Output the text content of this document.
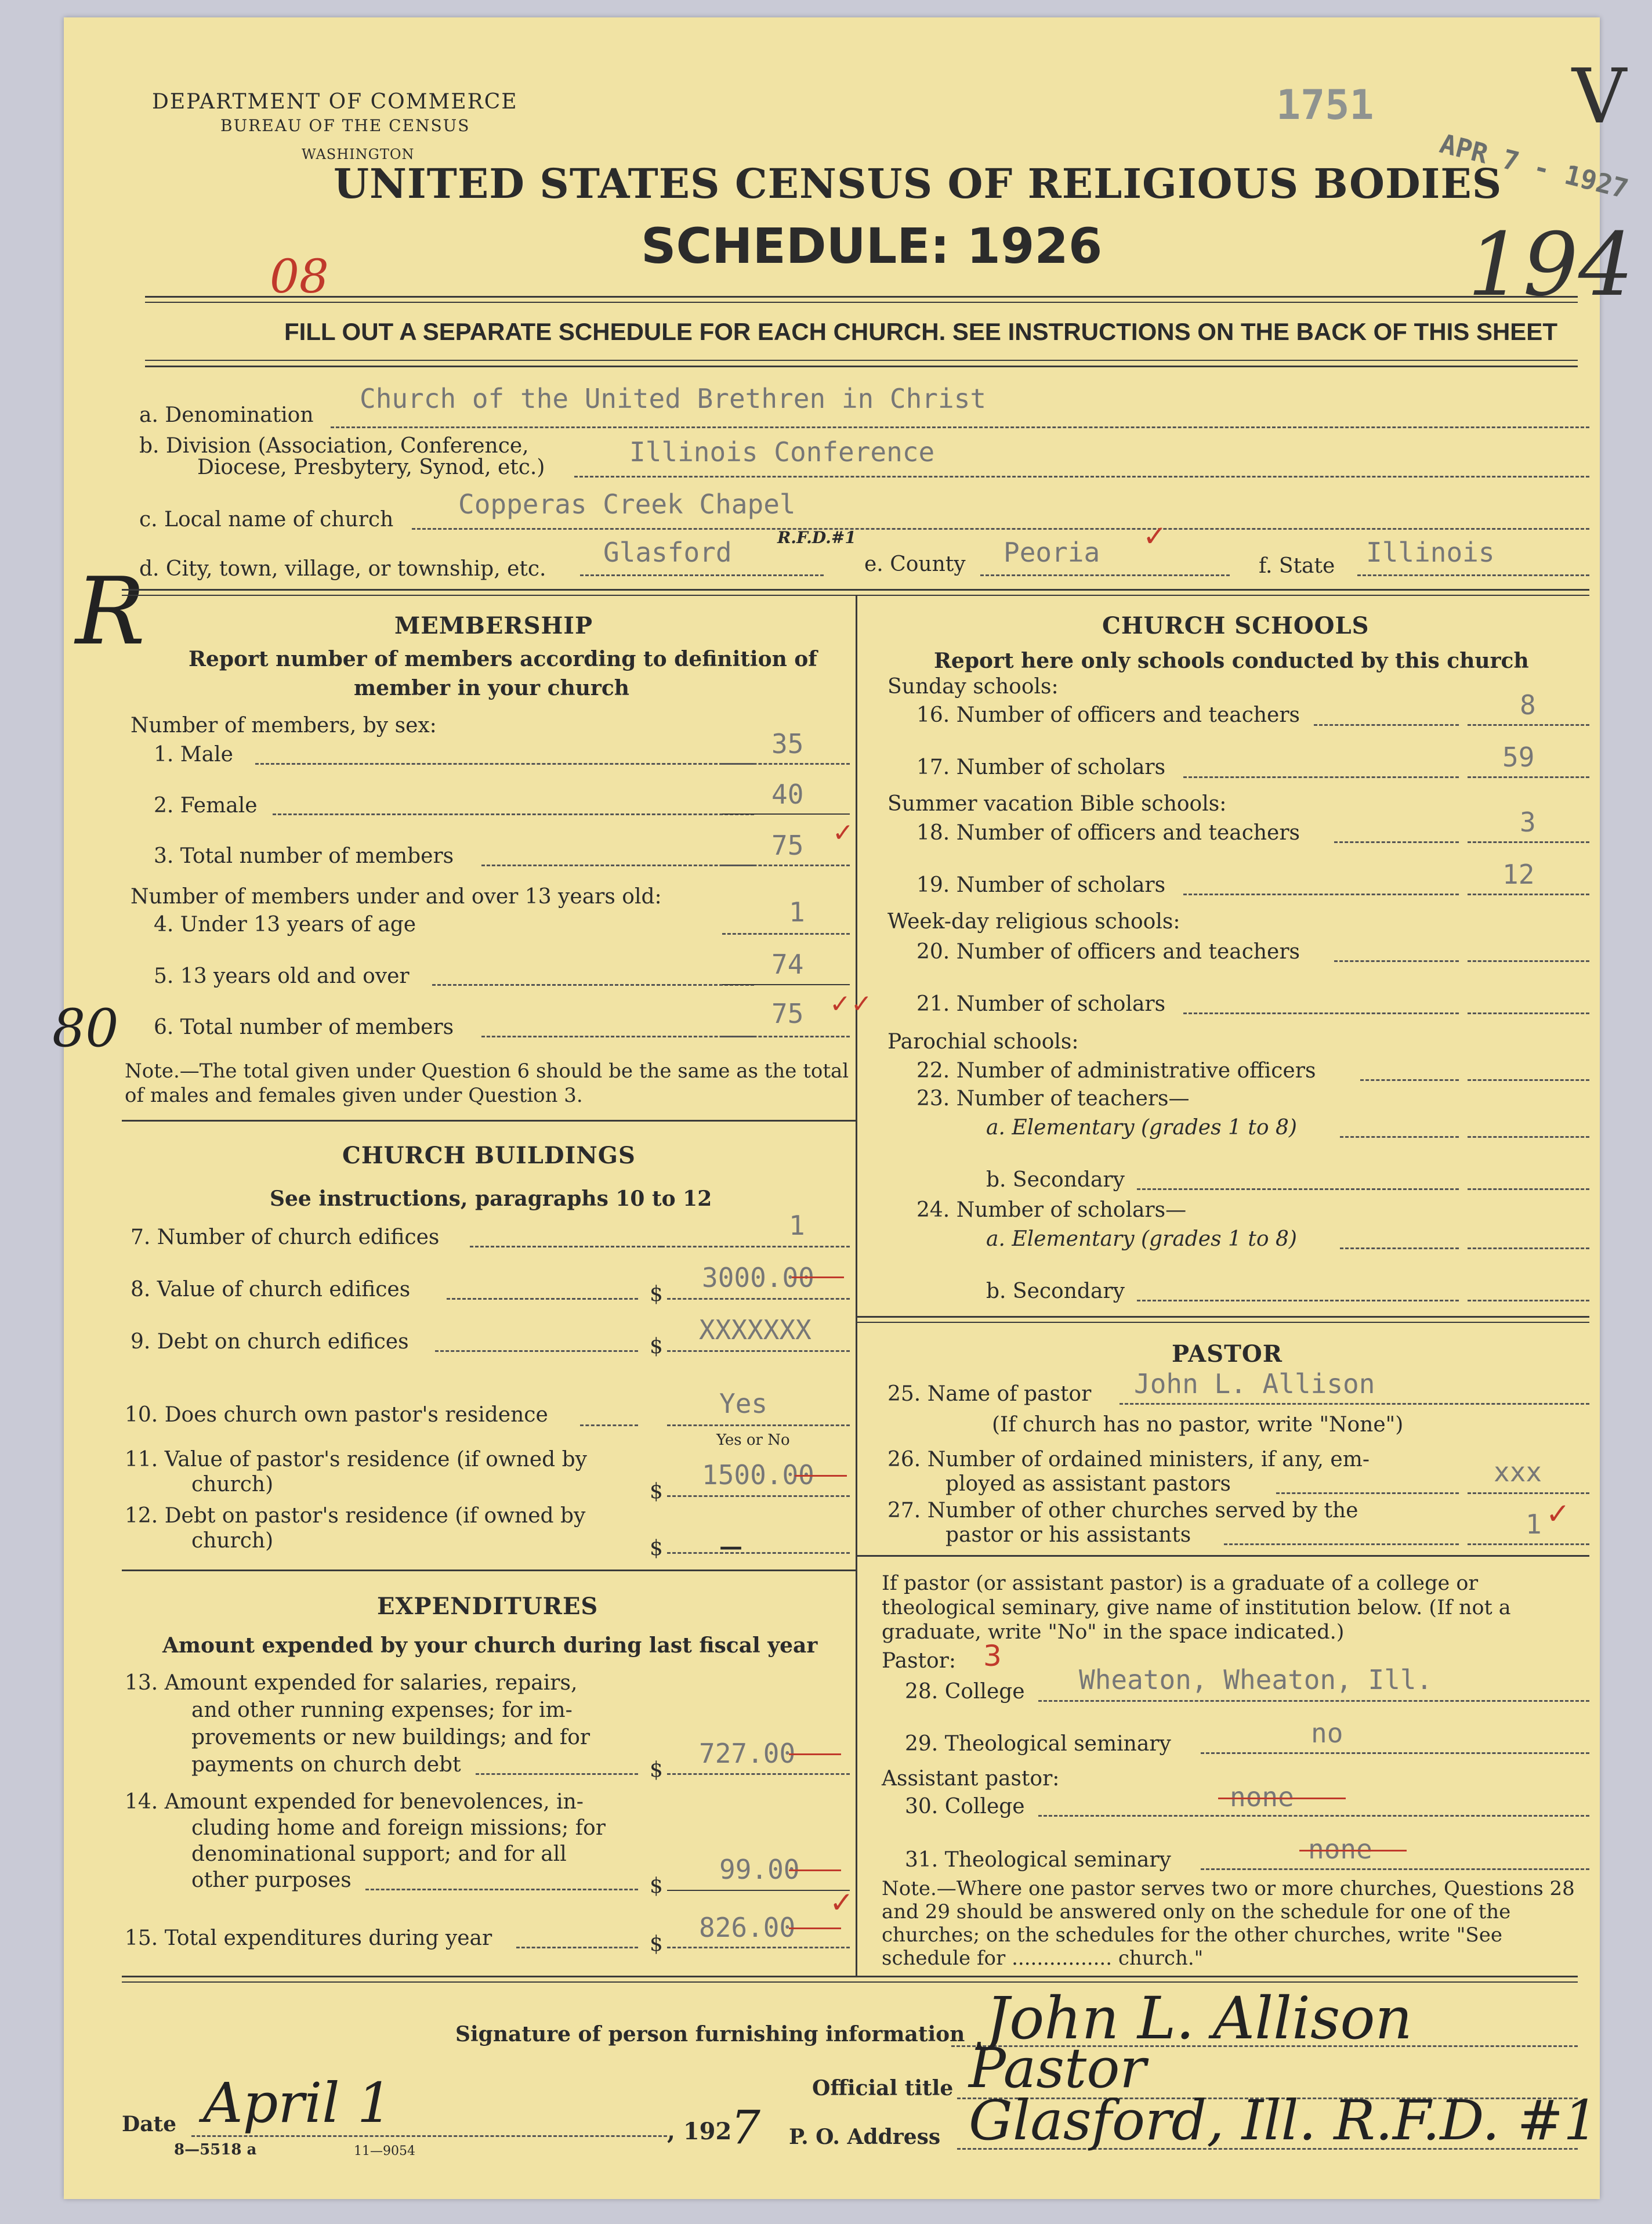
DEPARTMENT OF COMMERCE
BUREAU OF THE CENSUS
WASHINGTON
UNITED STATES CENSUS OF RELIGIOUS BODIES
SCHEDULE: 1926
1751
APR 7 - 1927
V
194
08
FILL OUT A SEPARATE SCHEDULE FOR EACH CHURCH. SEE INSTRUCTIONS ON THE BACK OF THIS SHEET
a. Denomination
Church of the United Brethren in Christ
b. Division (Association, Conference,
Diocese, Presbytery, Synod, etc.)	Illinois Conference
c. Local name of church Copperas Creek Chapel
d. City, town, village, or township, etc.
Glasford	R.F.D.#1
e. County Peoria ✓
f. State Illinois
R	MEMBERSHIP
Report number of members according to definition of
member in your church
Number of members, by sex:
1. Male	35
2. Female	40
3. Total number of members	75 ✓
Number of members under and over 13 years old:
4. Under 13 years of age	1
5. 13 years old and over	74
6. Total number of members	75 ✓✓
80
Note.—The total given under Question 6 should be the same as the total of males and females given under Question 3.
CHURCH BUILDINGS
See instructions, paragraphs 10 to 12
7. Number of church edifices	1
8. Value of church edifices	$
3000.00
9. Debt on church edifices	$
XXXXXXX
10. Does church own pastor's residence	Yes
Yes or No
11. Value of pastor's residence (if owned by
church)	$
1500.00
12. Debt on pastor's residence (if owned by
church)	$ —
EXPENDITURES
Amount expended by your church during last fiscal year
13. Amount expended for salaries, repairs,
and other running expenses; for im-
provements or new buildings; and for
payments on church debt	$
727.00
14. Amount expended for benevolences, in-
cluding home and foreign missions; for
denominational support; and for all
other purposes	$
99.00
✓
15. Total expenditures during year	$
826.00
CHURCH SCHOOLS
Report here only schools conducted by this church
Sunday schools:
16. Number of officers and teachers	8
17. Number of scholars	59
Summer vacation Bible schools:
18. Number of officers and teachers	3
19. Number of scholars	12
Week-day religious schools:
20. Number of officers and teachers
21. Number of scholars
Parochial schools:
22. Number of administrative officers
23. Number of teachers—
a. Elementary (grades 1 to 8)
b. Secondary
24. Number of scholars—
a. Elementary (grades 1 to 8)
b. Secondary
PASTOR
25. Name of pastor John L. Allison
(If church has no pastor, write "None")
26. Number of ordained ministers, if any, em-
ployed as assistant pastors	xxx
27. Number of other churches served by the
pastor or his assistants	1 ✓
If pastor (or assistant pastor) is a graduate of a college or theological seminary, give name of institution below. (If not a graduate, write "No" in the space indicated.)
Pastor: 3
28. College Wheaton, Wheaton, Ill.
29. Theological seminary	no
Assistant pastor:
30. College	none
31. Theological seminary	none
Note.—Where one pastor serves two or more churches, Questions 28 and 29 should be answered only on the schedule for one of the churches; on the schedules for the other churches, write "See schedule for ................ church."
Signature of person furnishing information John L. Allison
Official title Pastor
Date April 1	, 192
7 P. O. Address Glasford, Ill. R.F.D. #1
8—5518 a	11—9054
